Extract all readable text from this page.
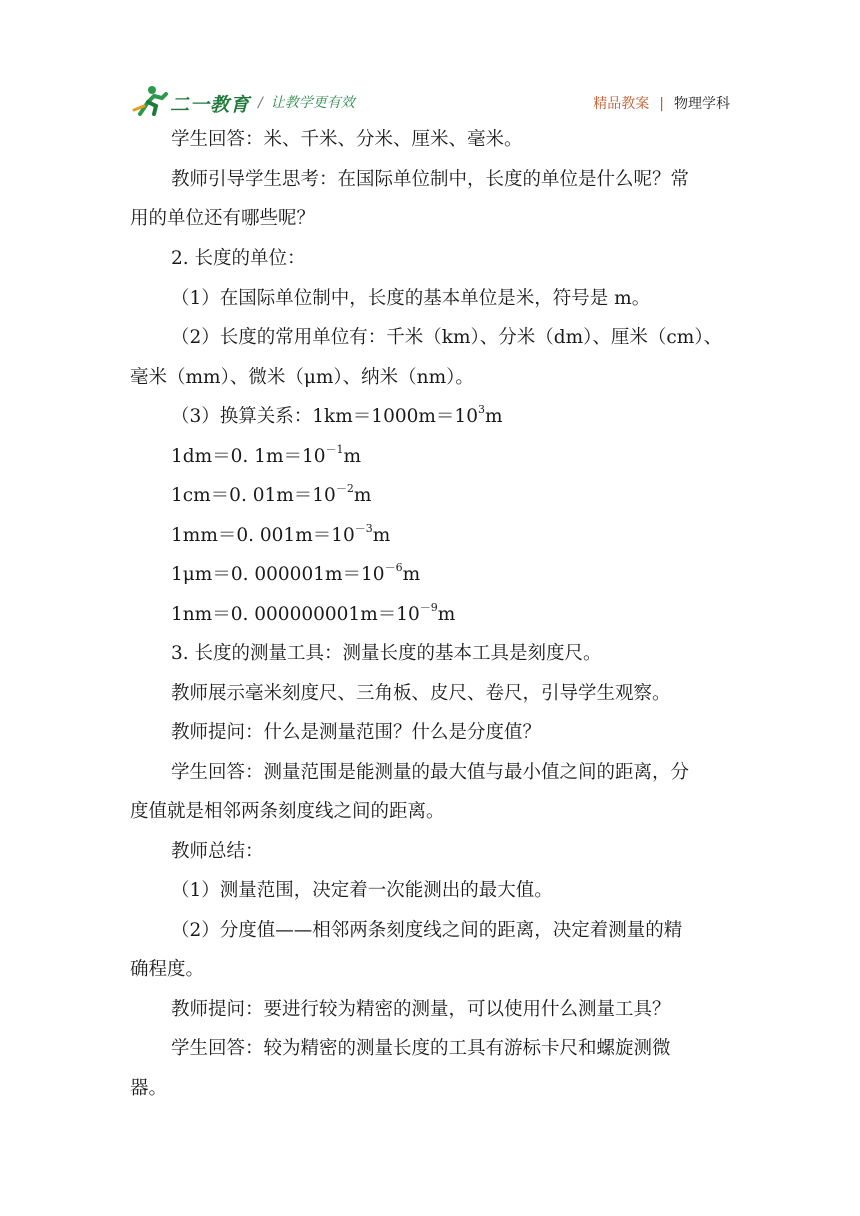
二一教育 / 让教学更有效	精品教案 | 物理学科
学生回答：米、千米、分米、厘米、毫米。
教师引导学生思考：在国际单位制中，长度的单位是什么呢？常
用的单位还有哪些呢？
2. 长度的单位：
（1）在国际单位制中，长度的基本单位是米，符号是 m。
（2）长度的常用单位有：千米（km）、分米（dm）、厘米（cm）、
毫米（mm）、微米（μm）、纳米（nm）。
（3）换算关系：$1km=1000m=10^3m$
1dm＝0. $1m=10^{-1}m$
1cm＝0. $01m=10^{-2}m$
1mm＝0. $001m=10^{-3}m$
1μm＝0. $000001m=10^{-6}m$
1nm＝0. $000000001m=10^{-9}m$
3. 长度的测量工具：测量长度的基本工具是刻度尺。
教师展示毫米刻度尺、三角板、皮尺、卷尺，引导学生观察。
教师提问：什么是测量范围？什么是分度值？
学生回答：测量范围是能测量的最大值与最小值之间的距离，分
度值就是相邻两条刻度线之间的距离。
教师总结：
（1）测量范围，决定着一次能测出的最大值。
（2）分度值——相邻两条刻度线之间的距离，决定着测量的精
确程度。
教师提问：要进行较为精密的测量，可以使用什么测量工具？
学生回答：较为精密的测量长度的工具有游标卡尺和螺旋测微
器。
